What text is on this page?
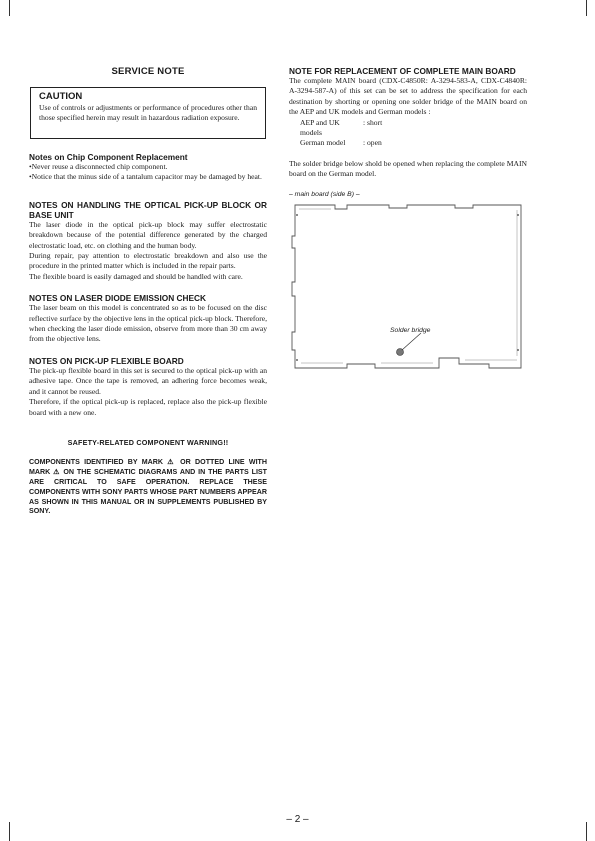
SERVICE NOTE
CAUTION
Use of controls or adjustments or performance of procedures other than those specified herein may result in hazardous radiation exposure.

Notes on Chip Component Replacement

•Never reuse a disconnected chip component.

•Notice that the minus side of a tantalum capacitor may be damaged by heat.

NOTES ON HANDLING THE OPTICAL PICK-UP BLOCK OR BASE UNIT

The laser diode in the optical pick-up block may suffer electrostatic breakdown because of the potential difference generated by the charged electrostatic load, etc. on clothing and the human body.

During repair, pay attention to electrostatic breakdown and also use the procedure in the printed matter which is included in the repair parts.

The flexible board is easily damaged and should be handled with care.

NOTES ON LASER DIODE EMISSION CHECK

The laser beam on this model is concentrated so as to be focused on the disc reflective surface by the objective lens in the optical pick-up block. Therefore, when checking the laser diode emission, observe from more than 30 cm away from the objective lens.

NOTES ON PICK-UP FLEXIBLE BOARD

The pick-up flexible board in this set is secured to the optical pick-up with an adhesive tape. Once the tape is removed, an adhering force becomes weak, and it cannot be reused.

Therefore, if the optical pick-up is replaced, replace also the pick-up flexible board with a new one.

SAFETY-RELATED COMPONENT WARNING!!
COMPONENTS IDENTIFIED BY MARK ⚠ OR DOTTED LINE WITH MARK ⚠ ON THE SCHEMATIC DIAGRAMS AND IN THE PARTS LIST ARE CRITICAL TO SAFE OPERATION. REPLACE THESE COMPONENTS WITH SONY PARTS WHOSE PART NUMBERS APPEAR AS SHOWN IN THIS MANUAL OR IN SUPPLEMENTS PUBLISHED BY SONY.

NOTE FOR REPLACEMENT OF COMPLETE MAIN BOARD

The complete MAIN board (CDX-C4850R: A-3294-583-A, CDX-C4840R: A-3294-587-A) of this set can be set to address the specification for each destination by shorting or opening one solder bridge of the MAIN board on the AEP and UK models and German models :

AEP and UK models
: short
German model	: open

The solder bridge below shold be opened when replacing the complete MAIN board on the German model.

– main board (side B) –
Solder bridge
– 2 –
